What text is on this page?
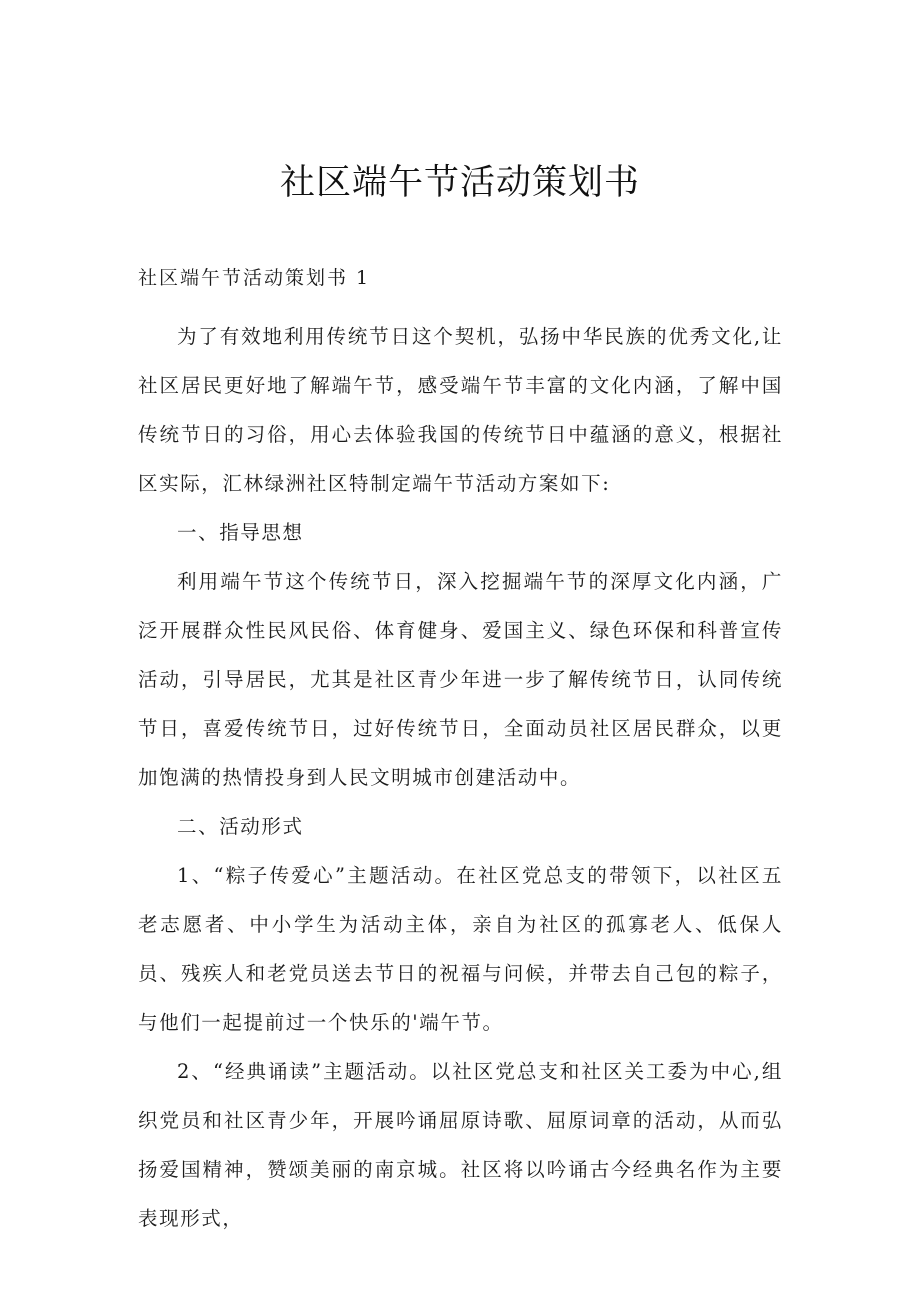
社区端午节活动策划书
社区端午节活动策划书 1

为了有效地利用传统节日这个契机，弘扬中华民族的优秀文化,让社区居民更好地了解端午节，感受端午节丰富的文化内涵，了解中国传统节日的习俗，用心去体验我国的传统节日中蕴涵的意义，根据社区实际，汇林绿洲社区特制定端午节活动方案如下:

一、指导思想

利用端午节这个传统节日，深入挖掘端午节的深厚文化内涵，广泛开展群众性民风民俗、体育健身、爱国主义、绿色环保和科普宣传活动，引导居民，尤其是社区青少年进一步了解传统节日，认同传统节日，喜爱传统节日，过好传统节日，全面动员社区居民群众，以更加饱满的热情投身到人民文明城市创建活动中。

二、活动形式

1、“粽子传爱心”主题活动。在社区党总支的带领下，以社区五老志愿者、中小学生为活动主体，亲自为社区的孤寡老人、低保人员、残疾人和老党员送去节日的祝福与问候，并带去自己包的粽子，与他们一起提前过一个快乐的'端午节。

2、“经典诵读”主题活动。以社区党总支和社区关工委为中心,组织党员和社区青少年，开展吟诵屈原诗歌、屈原词章的活动，从而弘扬爱国精神，赞颂美丽的南京城。社区将以吟诵古今经典名作为主要表现形式，
